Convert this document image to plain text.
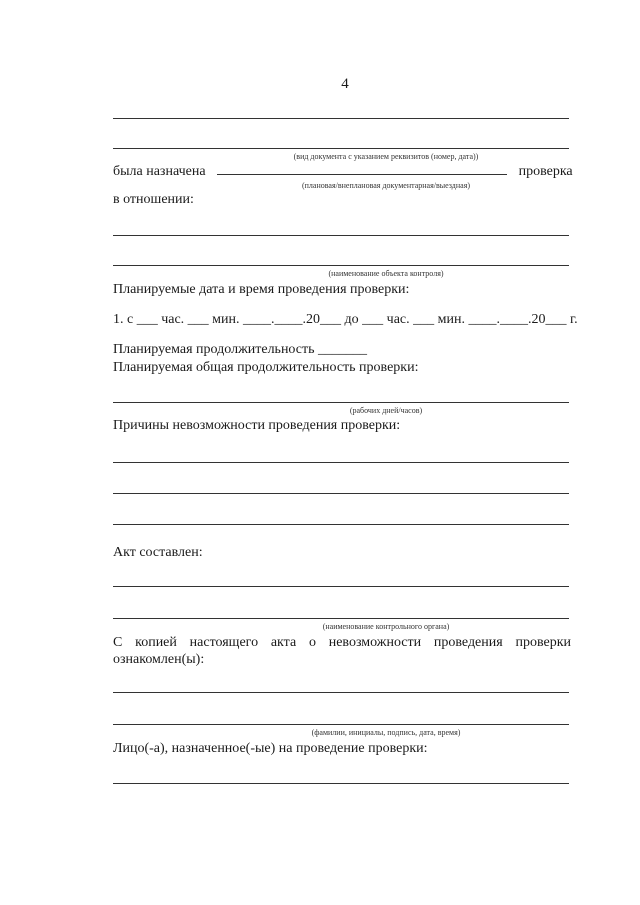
4
(вид документа с указанием реквизитов (номер, дата))
была назначена	проверка
(плановая/внеплановая документарная/выездная)
в отношении:
(наименование объекта контроля)
Планируемые дата и время проведения проверки:
1. с ___ час. ___ мин. ____.____.20___ до ___ час. ___ мин. ____.____.20___ г.
Планируемая продолжительность _______
Планируемая общая продолжительность проверки:
(рабочих дней/часов)
Причины невозможности проведения проверки:
Акт составлен:
(наименование контрольного органа)
С копией настоящего акта о невозможности проведения проверки ознакомлен(ы):
(фамилии, инициалы, подпись, дата, время)
Лицо(-а), назначенное(-ые) на проведение проверки:
